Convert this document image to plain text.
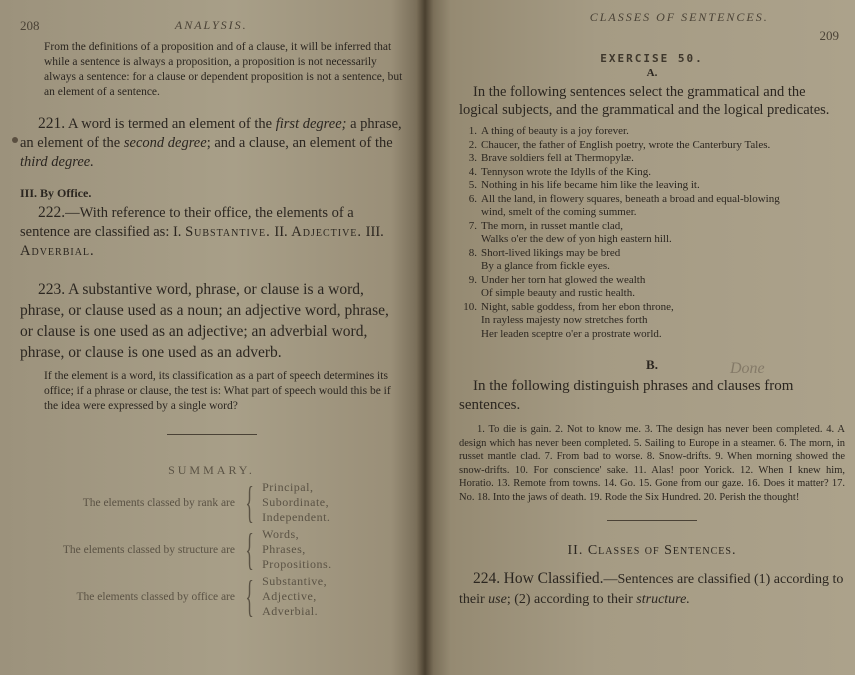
208	ANALYSIS.

From the definitions of a proposition and of a clause, it will be inferred that while a sentence is always a proposition, a proposition is not necessarily always a sentence: for a clause or dependent proposition is not a sentence, but an element of a sentence.

221. A word is termed an element of the first degree; a phrase, an element of the second degree; and a clause, an element of the third degree.

III. By Office.

222.—With reference to their office, the elements of a sentence are classified as: I. Substantive. II. Adjective. III. Adverbial.

223. A substantive word, phrase, or clause is a word, phrase, or clause used as a noun; an adjective word, phrase, or clause is one used as an adjective; an adverbial word, phrase, or clause is one used as an adverb.

If the element is a word, its classification as a part of speech determines its office; if a phrase or clause, the test is: What part of speech would this be if the idea were expressed by a single word?

SUMMARY.
The elements classed by rank are { Principal,
Subordinate,
Independent.
The elements classed by structure are { Words,
Phrases,
Propositions.
The elements classed by office are { Substantive,
Adjective,
Adverbial.
CLASSES OF SENTENCES.
209
EXERCISE 50.
A.

In the following sentences select the grammatical and the logical subjects, and the grammatical and the logical predicates.

1. A thing of beauty is a joy forever.
2. Chaucer, the father of English poetry, wrote the Canterbury Tales.
3. Brave soldiers fell at Thermopylæ.
4. Tennyson wrote the Idylls of the King.
5. Nothing in his life became him like the leaving it.
6. All the land, in flowery squares, beneath a broad and equal-blowing
wind, smelt of the coming summer.
7. The morn, in russet mantle clad,
Walks o'er the dew of yon high eastern hill.
8. Short-lived likings may be bred
By a glance from fickle eyes.
9. Under her torn hat glowed the wealth
Of simple beauty and rustic health.
10. Night, sable goddess, from her ebon throne,
In rayless majesty now stretches forth
Her leaden sceptre o'er a prostrate world.
B.

In the following distinguish phrases and clauses from sentences.

1. To die is gain. 2. Not to know me. 3. The design has never been completed. 4. A design which has never been completed. 5. Sailing to Europe in a steamer. 6. The morn, in russet mantle clad. 7. From bad to worse. 8. Snow-drifts. 9. When morning showed the snow-drifts. 10. For conscience' sake. 11. Alas! poor Yorick. 12. When I knew him, Horatio. 13. Remote from towns. 14. Go. 15. Gone from our gaze. 16. Does it matter? 17. No. 18. Into the jaws of death. 19. Rode the Six Hundred. 20. Perish the thought!

II. Classes of Sentences.

224. How Classified.—Sentences are classified (1) according to their use; (2) according to their structure.

Done
